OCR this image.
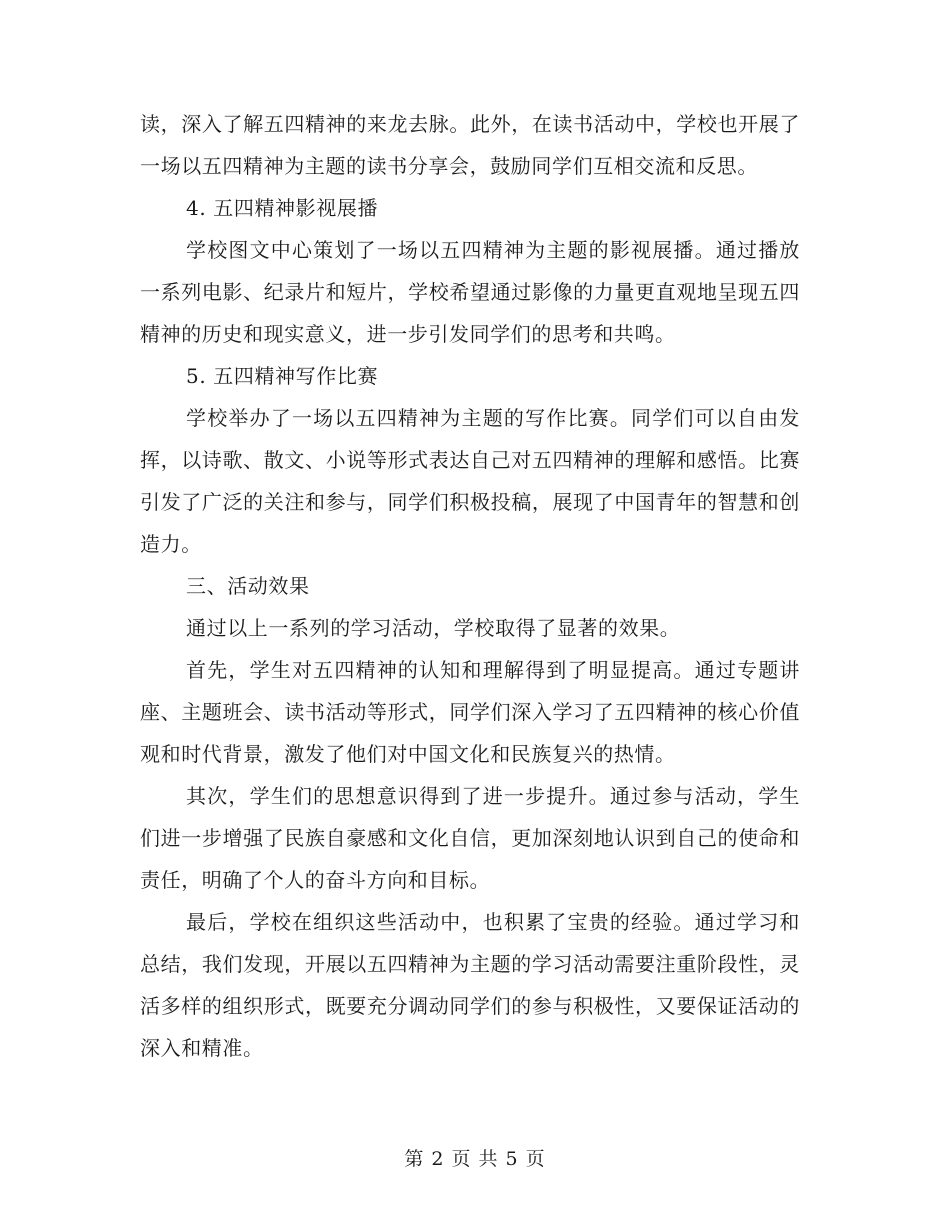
读，深入了解五四精神的来龙去脉。此外，在读书活动中，学校也开展了一场以五四精神为主题的读书分享会，鼓励同学们互相交流和反思。

4. 五四精神影视展播

学校图文中心策划了一场以五四精神为主题的影视展播。通过播放一系列电影、纪录片和短片，学校希望通过影像的力量更直观地呈现五四精神的历史和现实意义，进一步引发同学们的思考和共鸣。

5. 五四精神写作比赛

学校举办了一场以五四精神为主题的写作比赛。同学们可以自由发挥，以诗歌、散文、小说等形式表达自己对五四精神的理解和感悟。比赛引发了广泛的关注和参与，同学们积极投稿，展现了中国青年的智慧和创造力。

三、活动效果

通过以上一系列的学习活动，学校取得了显著的效果。

首先，学生对五四精神的认知和理解得到了明显提高。通过专题讲座、主题班会、读书活动等形式，同学们深入学习了五四精神的核心价值观和时代背景，激发了他们对中国文化和民族复兴的热情。

其次，学生们的思想意识得到了进一步提升。通过参与活动，学生们进一步增强了民族自豪感和文化自信，更加深刻地认识到自己的使命和责任，明确了个人的奋斗方向和目标。

最后，学校在组织这些活动中，也积累了宝贵的经验。通过学习和总结，我们发现，开展以五四精神为主题的学习活动需要注重阶段性，灵活多样的组织形式，既要充分调动同学们的参与积极性，又要保证活动的深入和精准。

第 2 页 共 5 页
